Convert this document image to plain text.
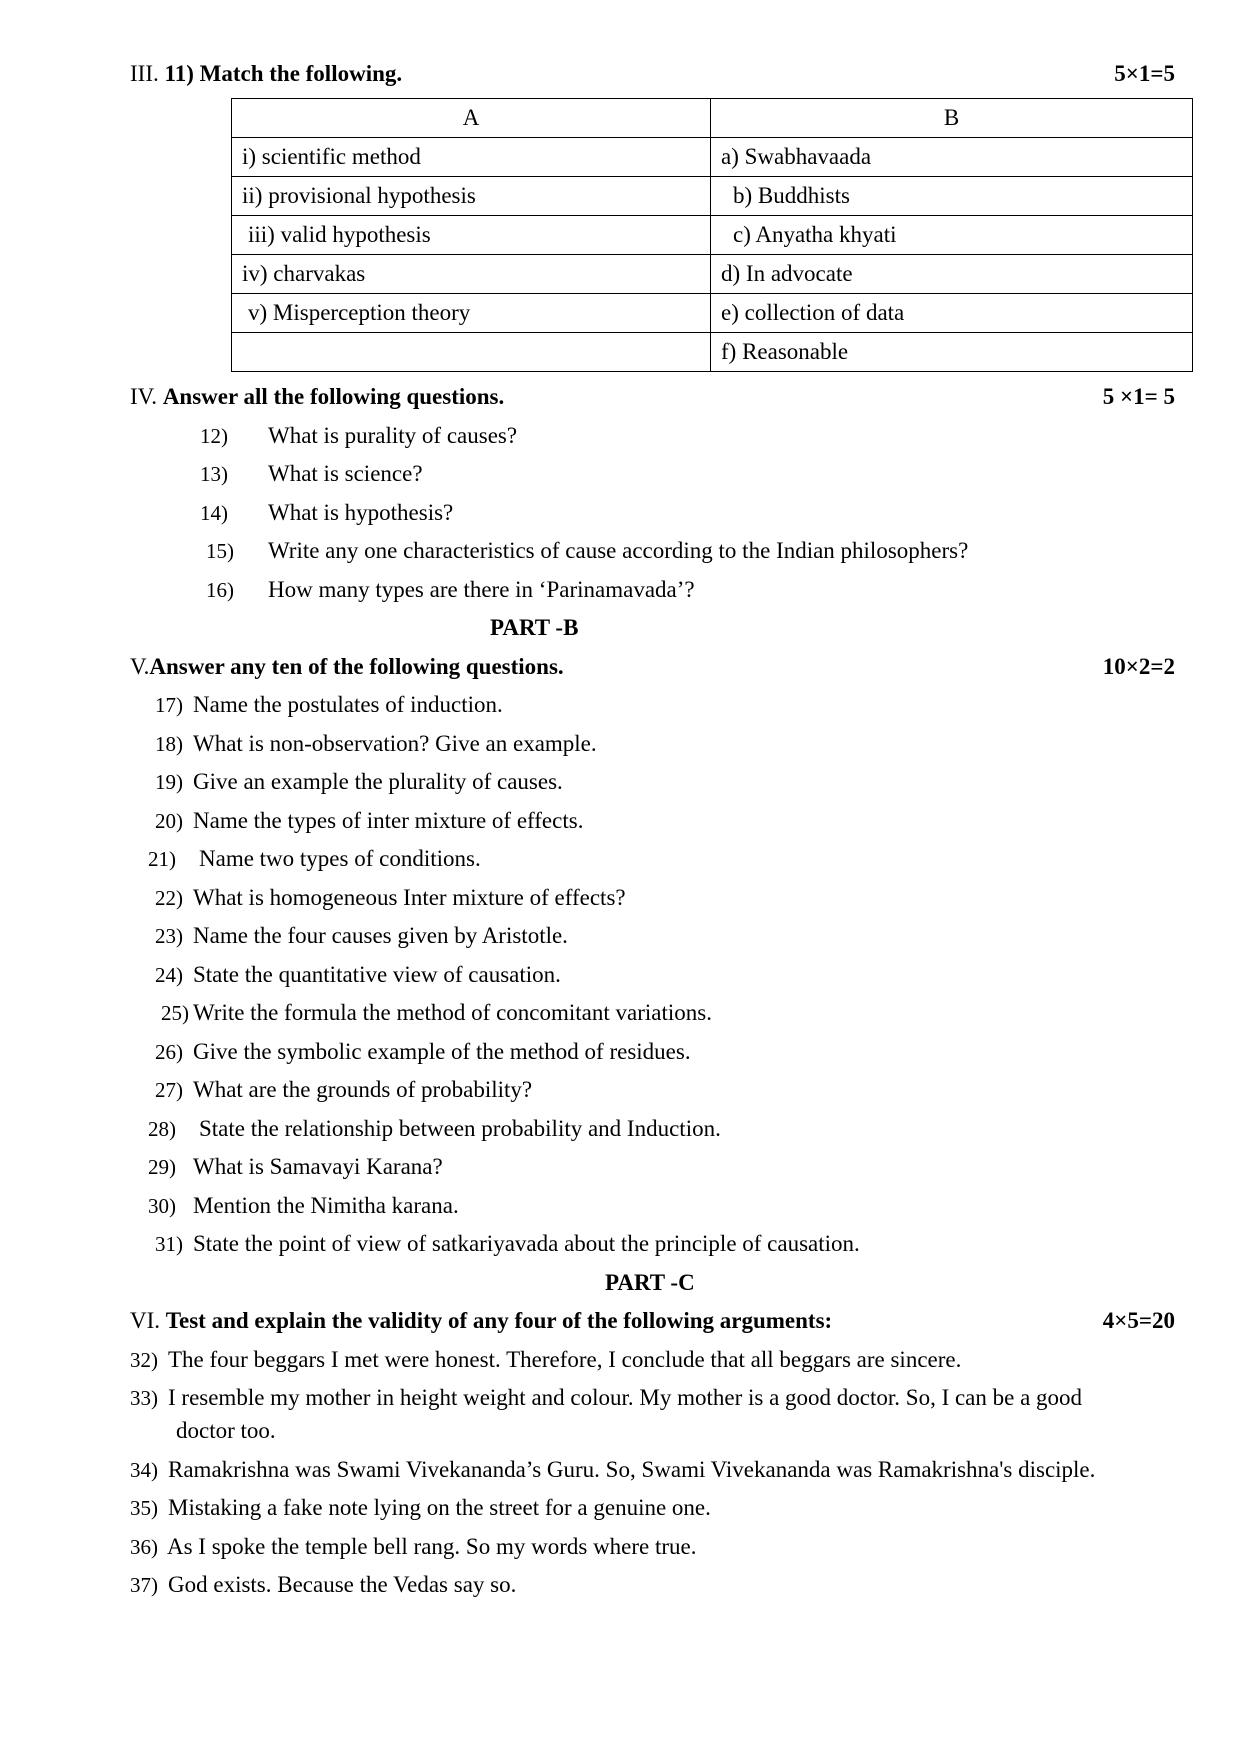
III. 11) Match the following.	5×1=5
A	B
i) scientific method	a) Swabhavaada
ii) provisional hypothesis	b) Buddhists
iii) valid hypothesis	c) Anyatha khyati
iv) charvakas	d) In advocate
v) Misperception theory	e) collection of data
	f) Reasonable
IV. Answer all the following questions.	5 ×1= 5
12) What is purality of causes?
13) What is science?
14) What is hypothesis?
15) Write any one characteristics of cause according to the Indian philosophers?
16) How many types are there in ‘Parinamavada’?
PART -B
V.Answer any ten of the following questions.	10×2=2
17) Name the postulates of induction.
18) What is non-observation? Give an example.
19) Give an example the plurality of causes.
20) Name the types of inter mixture of effects.
21) Name two types of conditions.
22) What is homogeneous Inter mixture of effects?
23) Name the four causes given by Aristotle.
24) State the quantitative view of causation.
25) Write the formula the method of concomitant variations.
26) Give the symbolic example of the method of residues.
27) What are the grounds of probability?
28) State the relationship between probability and Induction.
29) What is Samavayi Karana?
30) Mention the Nimitha karana.
31) State the point of view of satkariyavada about the principle of causation.
PART -C
VI. Test and explain the validity of any four of the following arguments:	4×5=20
32) The four beggars I met were honest. Therefore, I conclude that all beggars are sincere.
33) I resemble my mother in height weight and colour. My mother is a good doctor. So, I can be a good
doctor too.
34) Ramakrishna was Swami Vivekananda’s Guru. So, Swami Vivekananda was Ramakrishna's disciple.
35) Mistaking a fake note lying on the street for a genuine one.
36) As I spoke the temple bell rang. So my words where true.
37) God exists. Because the Vedas say so.
